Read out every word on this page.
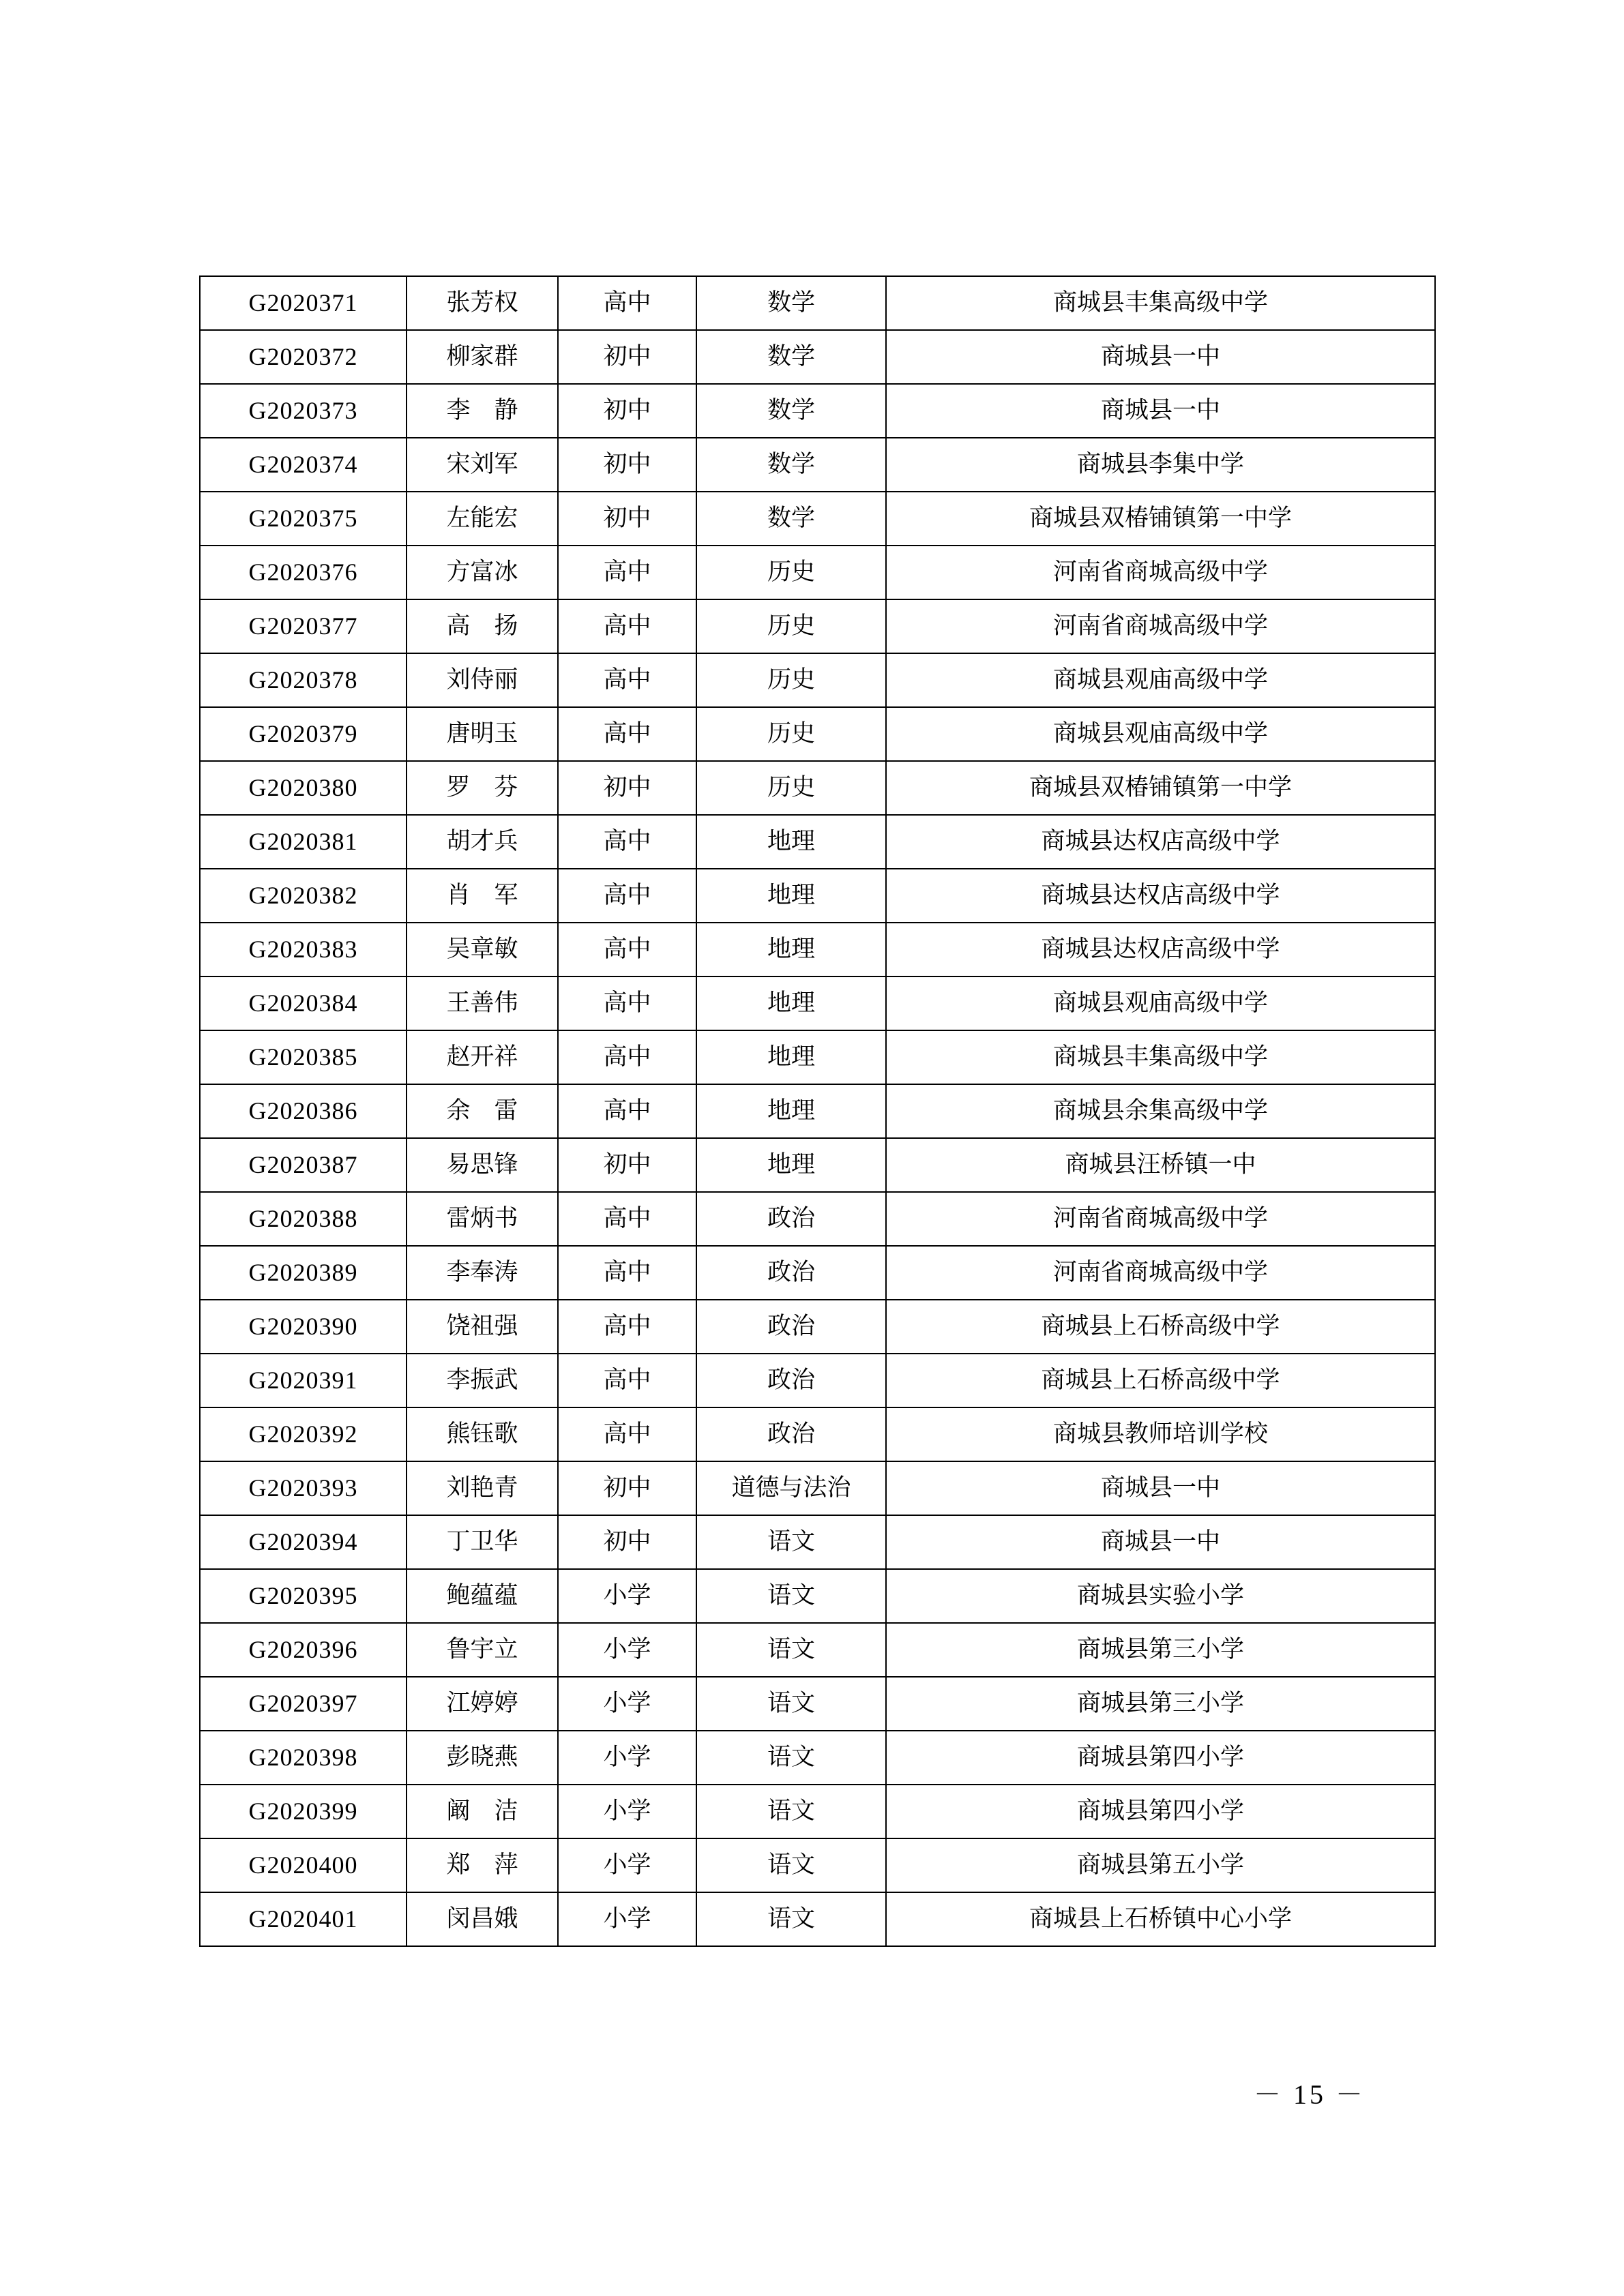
G2020371	张芳权	高中	数学	商城县丰集高级中学
G2020372	柳家群	初中	数学	商城县一中
G2020373	李　静	初中	数学	商城县一中
G2020374	宋刘军	初中	数学	商城县李集中学
G2020375	左能宏	初中	数学	商城县双椿铺镇第一中学
G2020376	方富冰	高中	历史	河南省商城高级中学
G2020377	高　扬	高中	历史	河南省商城高级中学
G2020378	刘侍丽	高中	历史	商城县观庙高级中学
G2020379	唐明玉	高中	历史	商城县观庙高级中学
G2020380	罗　芬	初中	历史	商城县双椿铺镇第一中学
G2020381	胡才兵	高中	地理	商城县达权店高级中学
G2020382	肖　军	高中	地理	商城县达权店高级中学
G2020383	吴章敏	高中	地理	商城县达权店高级中学
G2020384	王善伟	高中	地理	商城县观庙高级中学
G2020385	赵开祥	高中	地理	商城县丰集高级中学
G2020386	余　雷	高中	地理	商城县余集高级中学
G2020387	易思锋	初中	地理	商城县汪桥镇一中
G2020388	雷炳书	高中	政治	河南省商城高级中学
G2020389	李奉涛	高中	政治	河南省商城高级中学
G2020390	饶祖强	高中	政治	商城县上石桥高级中学
G2020391	李振武	高中	政治	商城县上石桥高级中学
G2020392	熊钰歌	高中	政治	商城县教师培训学校
G2020393	刘艳青	初中	道德与法治	商城县一中
G2020394	丁卫华	初中	语文	商城县一中
G2020395	鲍蕴蕴	小学	语文	商城县实验小学
G2020396	鲁宇立	小学	语文	商城县第三小学
G2020397	江婷婷	小学	语文	商城县第三小学
G2020398	彭晓燕	小学	语文	商城县第四小学
G2020399	阚　洁	小学	语文	商城县第四小学
G2020400	郑　萍	小学	语文	商城县第五小学
G2020401	闵昌娥	小学	语文	商城县上石桥镇中心小学
－ 15 －
